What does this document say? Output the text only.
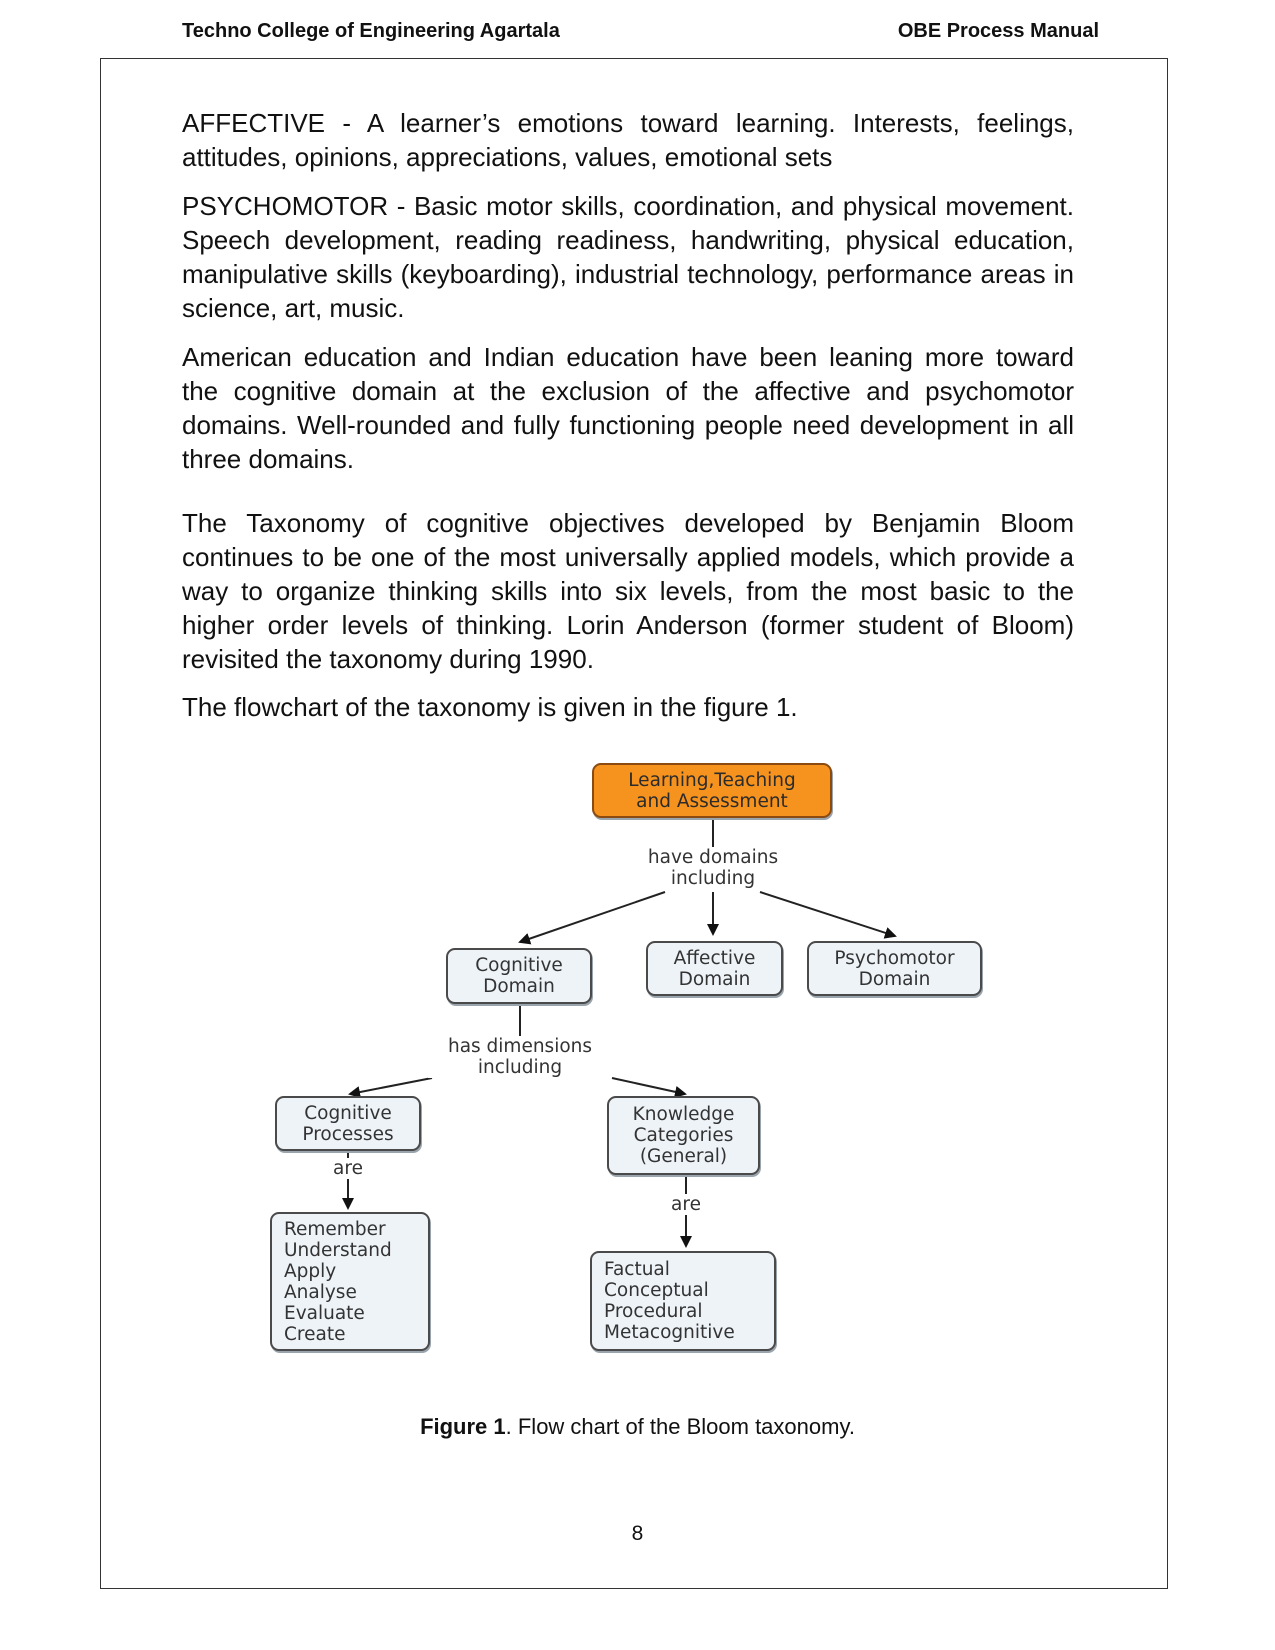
Techno College of Engineering Agartala	OBE Process Manual
AFFECTIVE - A learner’s emotions toward learning. Interests, feelings, attitudes, opinions, appreciations, values, emotional sets
PSYCHOMOTOR - Basic motor skills, coordination, and physical movement. Speech development, reading readiness, handwriting, physical education, manipulative skills (keyboarding), industrial technology, performance areas in science, art, music.
American education and Indian education have been leaning more toward the cognitive domain at the exclusion of the affective and psychomotor domains. Well-rounded and fully functioning people need development in all three domains.
The Taxonomy of cognitive objectives developed by Benjamin Bloom continues to be one of the most universally applied models, which provide a way to organize thinking skills into six levels, from the most basic to the higher order levels of thinking. Lorin Anderson (former student of Bloom) revisited the taxonomy during 1990.
The flowchart of the taxonomy is given in the figure 1.
Learning,Teaching
and Assessment
have domains
including
Cognitive
Domain
Affective
Domain
Psychomotor
Domain
has dimensions
including
Cognitive
Processes
Knowledge
Categories
(General)
are
are
Remember
Understand
Apply
Analyse
Evaluate
Create
Factual
Conceptual
Procedural
Metacognitive
Figure 1. Flow chart of the Bloom taxonomy.
8
